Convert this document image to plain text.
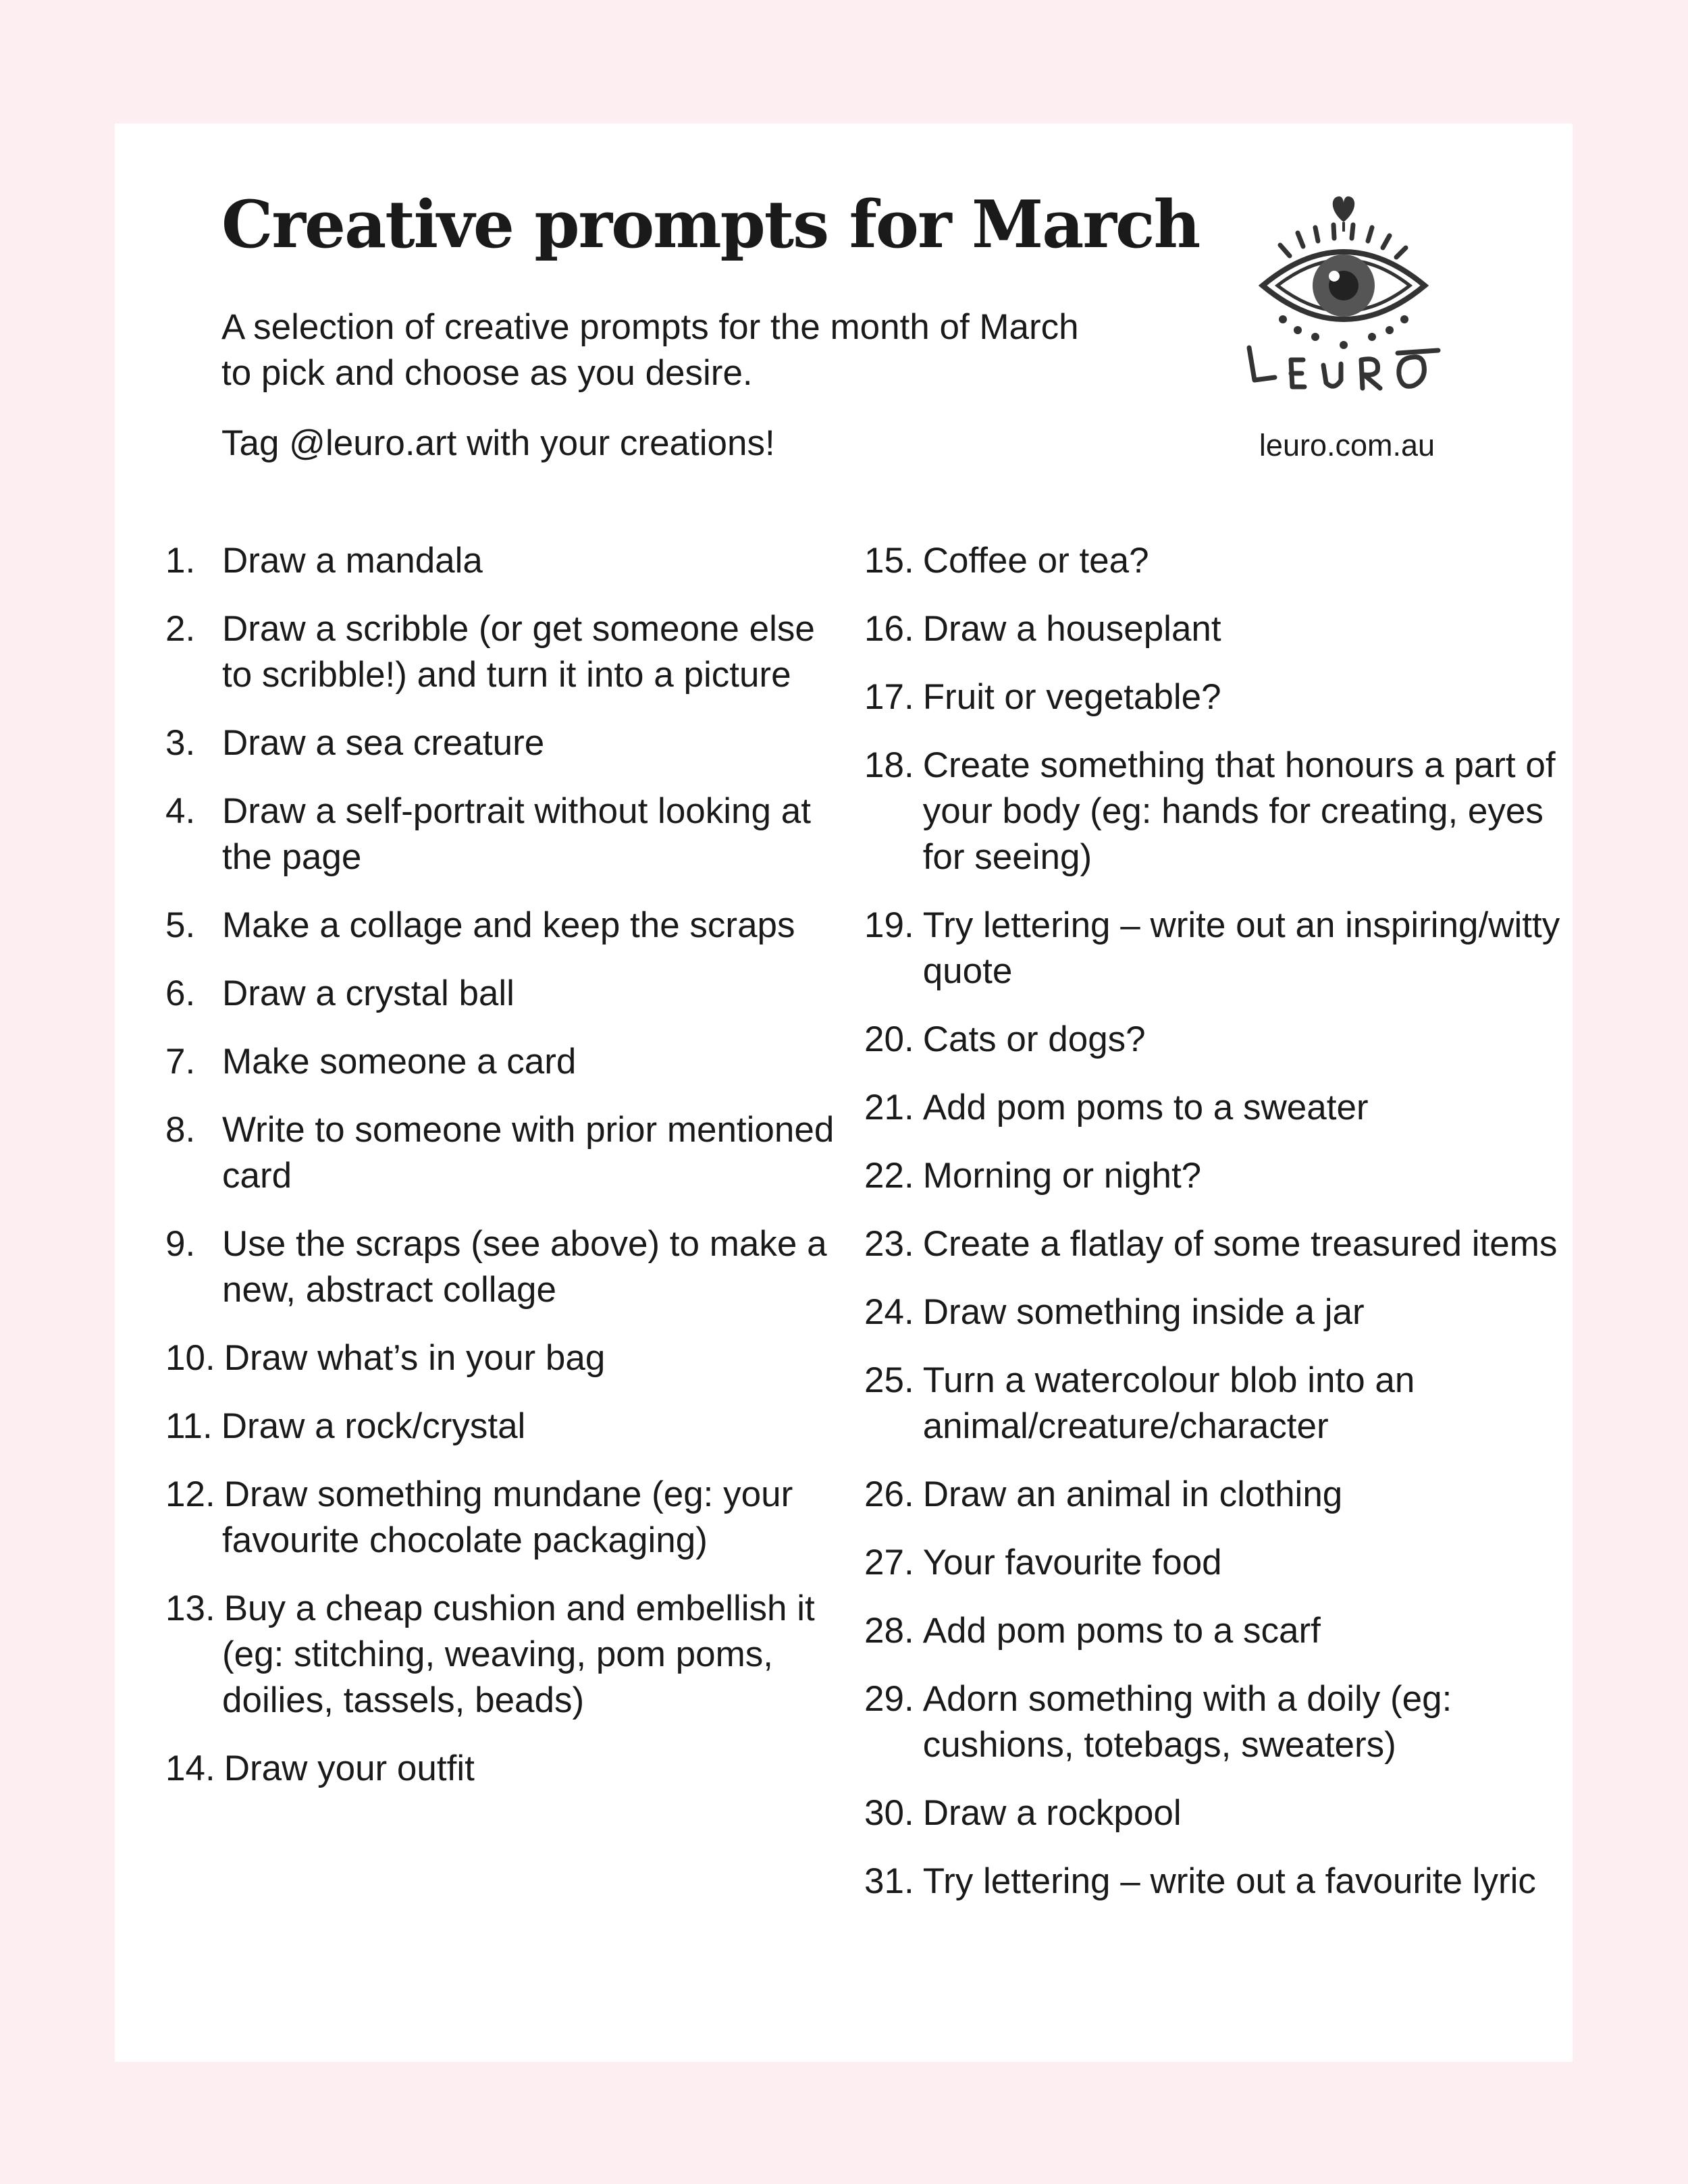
Creative prompts for March

A selection of creative prompts for the month of March to pick and choose as you desire.

Tag @leuro.art with your creations!	leuro.com.au
1. Draw a mandala
2. Draw a scribble (or get someone else to scribble!) and turn it into a picture
3. Draw a sea creature
4. Draw a self-portrait without looking at the page
5. Make a collage and keep the scraps
6. Draw a crystal ball
7. Make someone a card
8. Write to someone with prior mentioned card
9. Use the scraps (see above) to make a new, abstract collage
10. Draw what’s in your bag
11. Draw a rock/crystal
12. Draw something mundane (eg: your favourite chocolate packaging)
13. Buy a cheap cushion and embellish it (eg: stitching, weaving, pom poms, doilies, tassels, beads)
14. Draw your outfit
15. Coffee or tea?
16. Draw a houseplant
17. Fruit or vegetable?
18. Create something that honours a part of your body (eg: hands for creating, eyes for seeing)
19. Try lettering – write out an inspiring/witty quote
20. Cats or dogs?
21. Add pom poms to a sweater
22. Morning or night?
23. Create a flatlay of some treasured items
24. Draw something inside a jar
25. Turn a watercolour blob into an animal/creature/character
26. Draw an animal in clothing
27. Your favourite food
28. Add pom poms to a scarf
29. Adorn something with a doily (eg: cushions, totebags, sweaters)
30. Draw a rockpool
31. Try lettering – write out a favourite lyric
